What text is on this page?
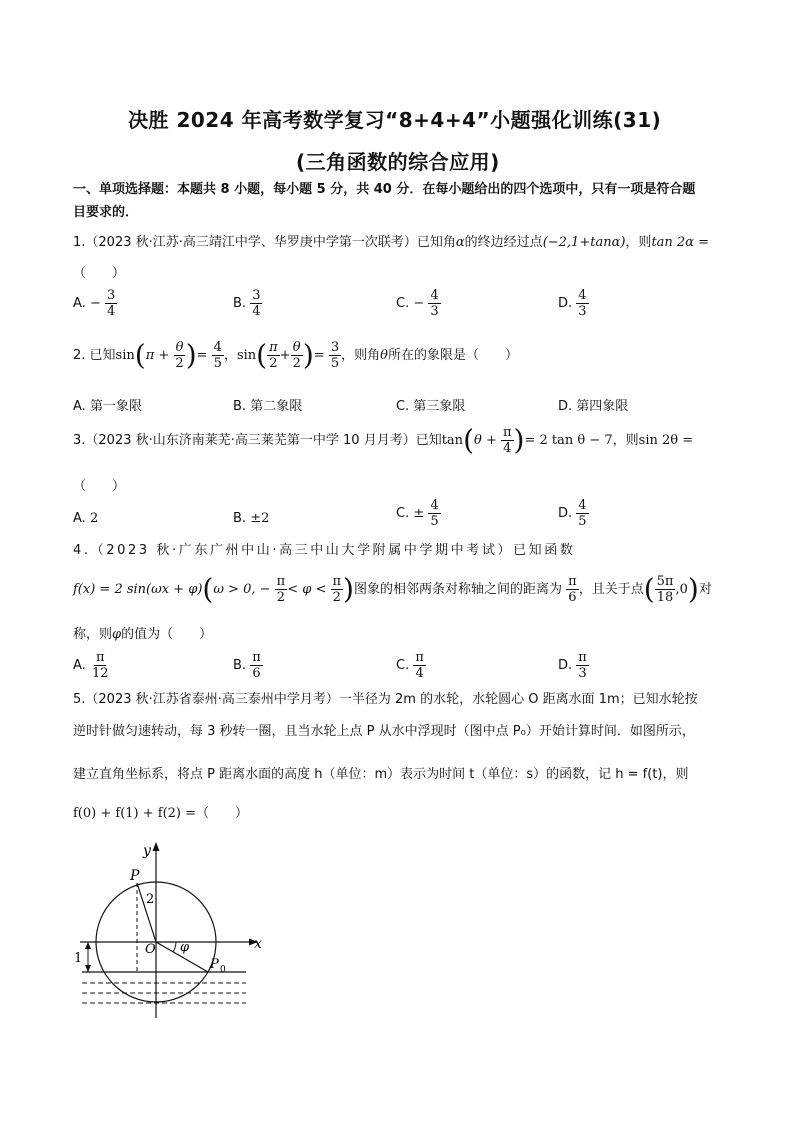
决胜 2024 年高考数学复习“8+4+4”小题强化训练(31)
(三角函数的综合应用)
一、单项选择题：本题共 8 小题，每小题 5 分，共 40 分．在每小题给出的四个选项中，只有一项是符合题
目要求的．
1.（2023 秋·江苏·高三靖江中学、华罗庚中学第一次联考）已知角α的终边经过点(−2,1+tanα)，则tan 2α =
（　　）
A. − $\frac{3}{4}$	B. $\frac{3}{4}$	C. − $\frac{4}{3}$	D. $\frac{4}{3}$
2. 已知$\sin(\pi + \frac{\theta}{2}$ )= $\frac{4}{5}$ ，$\sin( \frac{\pi}{2} + \frac{\theta}{2}$ )= $\frac{3}{5}$ ，则角θ所在的象限是（　　）
A. 第一象限	B. 第二象限	C. 第三象限	D. 第四象限
3.（2023 秋·山东济南莱芜·高三莱芜第一中学 10 月月考）已知$\tan(\theta + \frac{\pi}{4}$ )= 2 tan θ − 7，则sin 2θ =
（　　）
A. 2	B. ±2	C. ± $\frac{4}{5}$	D. $\frac{4}{5}$
4.（2023 秋·广东广州中山·高三中山大学附属中学期中考试）已知函数
f(x) = 2 sin(ωx + φ)(ω > 0, − $\frac{\pi}{2} < \varphi < \frac{\pi}{2}$ )图象的相邻两条对称轴之间的距离为 $\frac{\pi}{6}$ ，且关于点( $\frac{5\pi}{18} ,0$)对
称，则φ的值为（　　）
A. $\frac{\pi}{12}$	B. $\frac{\pi}{6}$	C. $\frac{\pi}{4}$	D. $\frac{\pi}{3}$
5.（2023 秋·江苏省泰州·高三泰州中学月考）一半径为 2m 的水轮，水轮圆心 O 距离水面 1m；已知水轮按
逆时针做匀速转动，每 3 秒转一圈，且当水轮上点 P 从水中浮现时（图中点 P₀）开始计算时间．如图所示，
建立直角坐标系，将点 P 距离水面的高度 h（单位：m）表示为时间 t（单位：s）的函数，记 h = f(t)，则
f(0) + f(1) + f(2) =（　　）
y
x
P
O
2
1
φ
P 0
